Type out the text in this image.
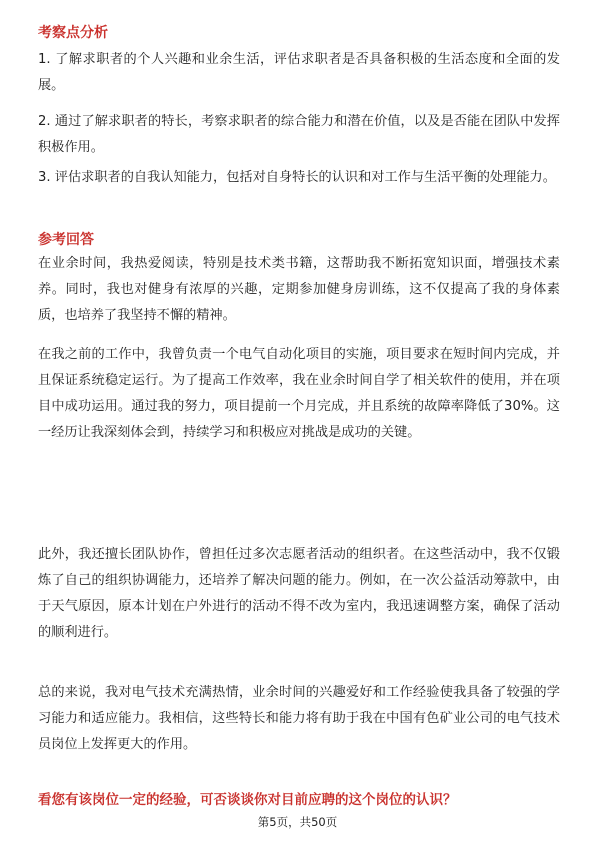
考察点分析

1. 了解求职者的个人兴趣和业余生活，评估求职者是否具备积极的生活态度和全面的发展。

2. 通过了解求职者的特长，考察求职者的综合能力和潜在价值，以及是否能在团队中发挥积极作用。

3. 评估求职者的自我认知能力，包括对自身特长的认识和对工作与生活平衡的处理能力。

参考回答

在业余时间，我热爱阅读，特别是技术类书籍，这帮助我不断拓宽知识面，增强技术素养。同时，我也对健身有浓厚的兴趣，定期参加健身房训练，这不仅提高了我的身体素质，也培养了我坚持不懈的精神。

在我之前的工作中，我曾负责一个电气自动化项目的实施，项目要求在短时间内完成，并且保证系统稳定运行。为了提高工作效率，我在业余时间自学了相关软件的使用，并在项目中成功运用。通过我的努力，项目提前一个月完成，并且系统的故障率降低了30%。这一经历让我深刻体会到，持续学习和积极应对挑战是成功的关键。

此外，我还擅长团队协作，曾担任过多次志愿者活动的组织者。在这些活动中，我不仅锻炼了自己的组织协调能力，还培养了解决问题的能力。例如，在一次公益活动筹款中，由于天气原因，原本计划在户外进行的活动不得不改为室内，我迅速调整方案，确保了活动的顺利进行。

总的来说，我对电气技术充满热情，业余时间的兴趣爱好和工作经验使我具备了较强的学习能力和适应能力。我相信，这些特长和能力将有助于我在中国有色矿业公司的电气技术员岗位上发挥更大的作用。

看您有该岗位一定的经验，可否谈谈你对目前应聘的这个岗位的认识？
第5页，共50页
